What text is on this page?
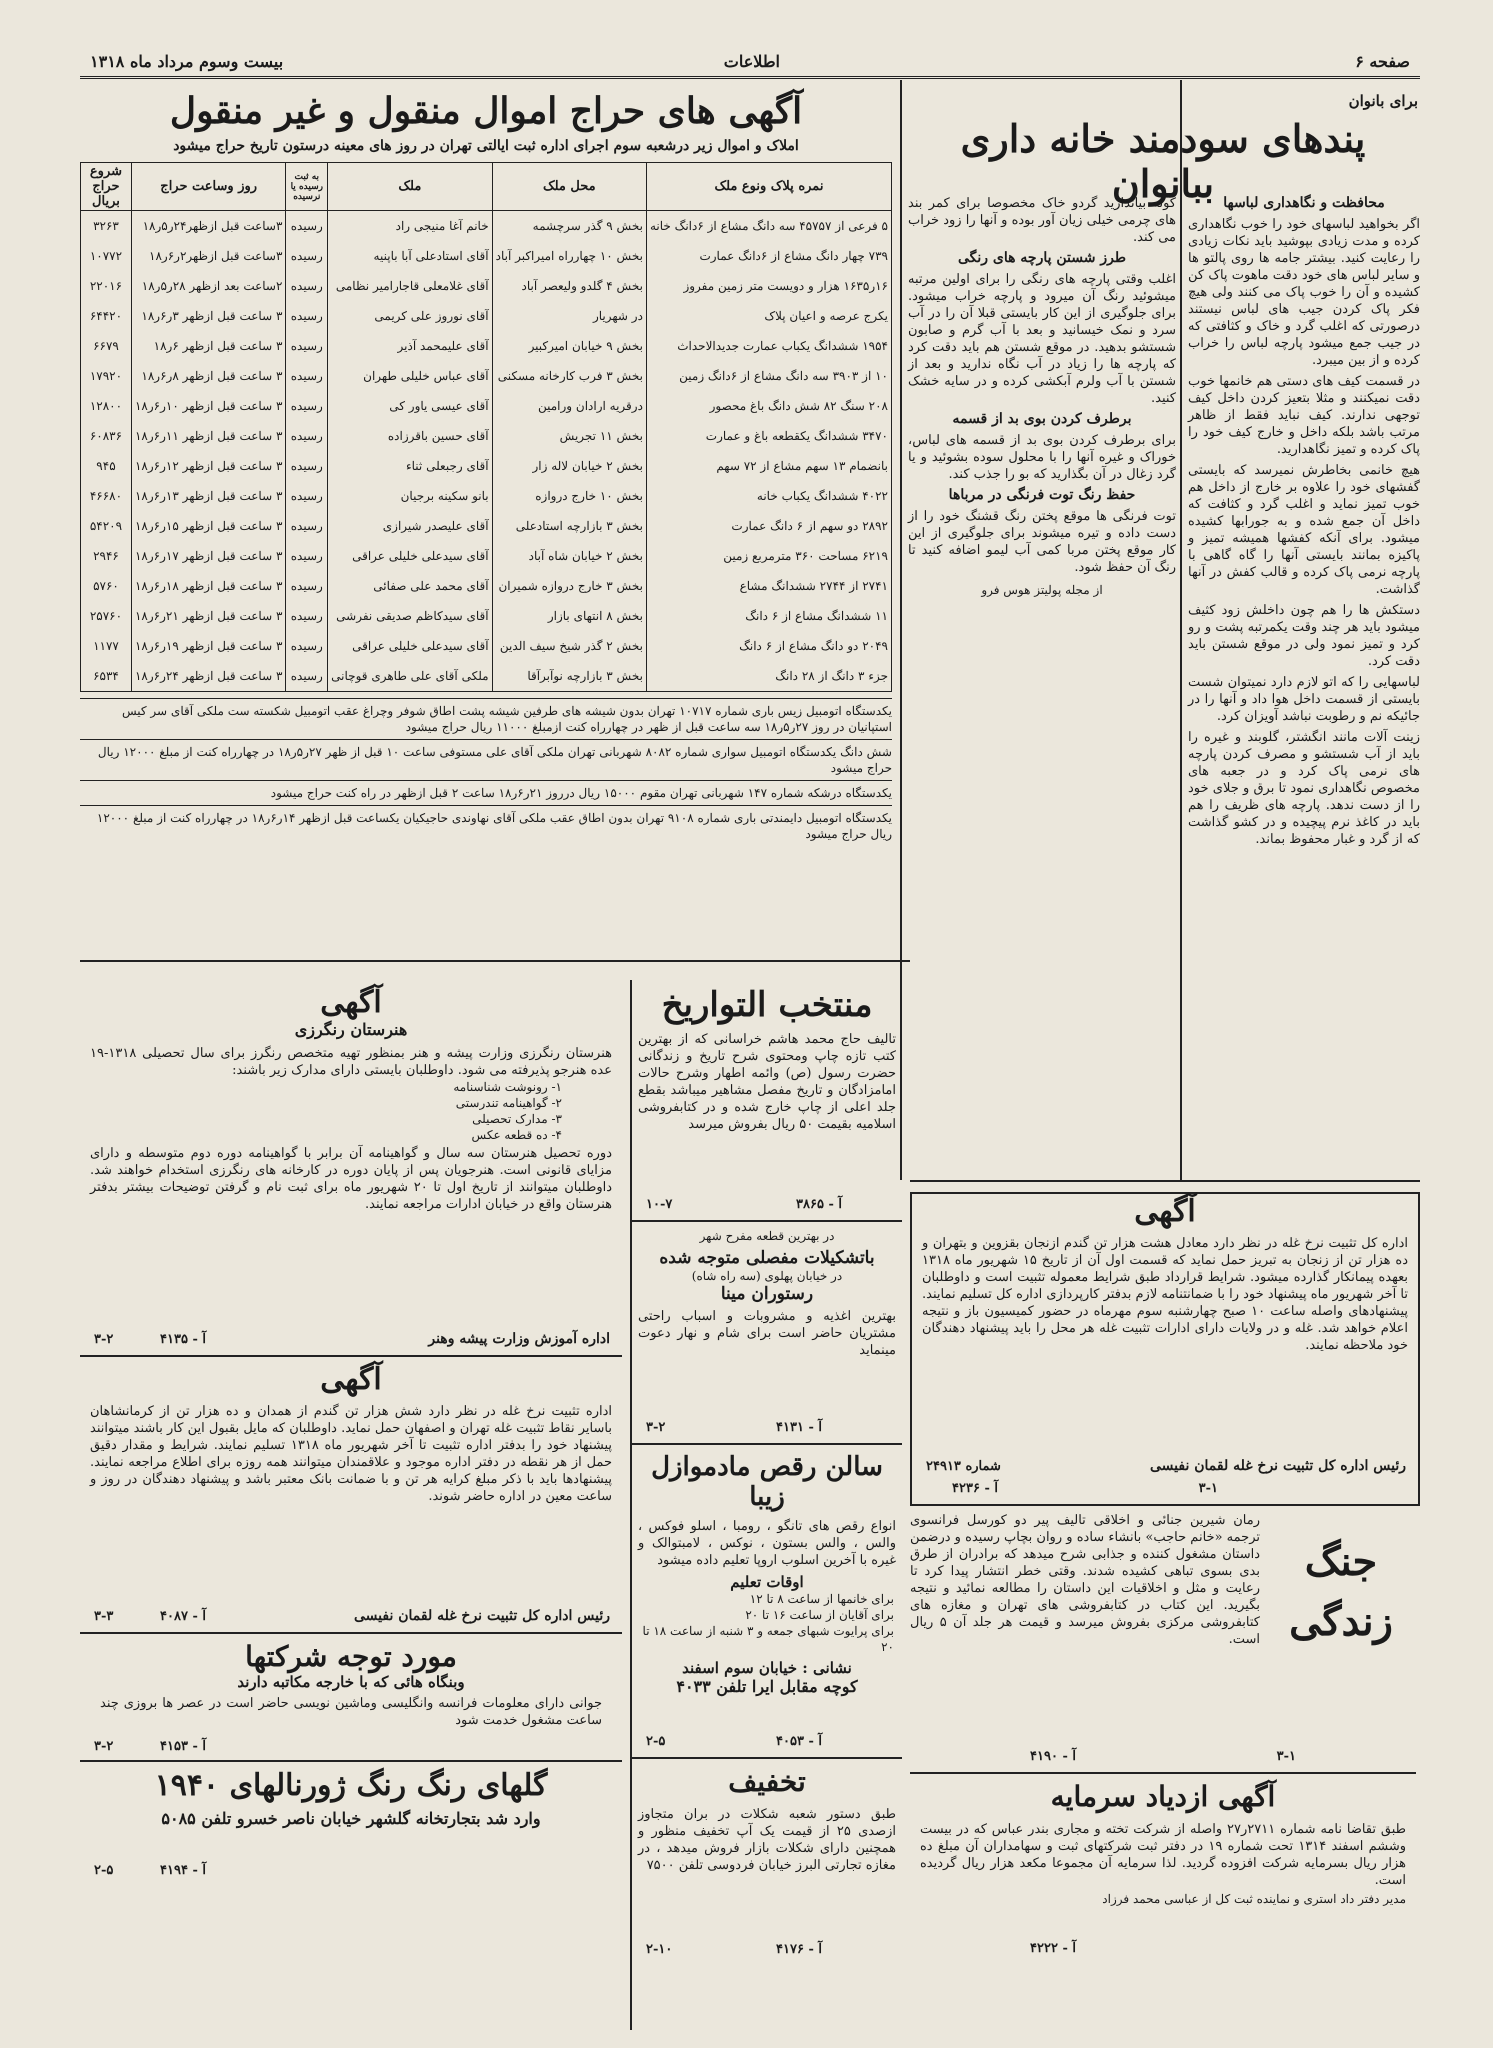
صفحه ۶
اطلاعات
بیست وسوم مرداد ماه ۱۳۱۸
برای بانوان
پندهای سودمند خانه داری ببانوان محافظت و نگاهداری لباسها

اگر بخواهید لباسهای خود را خوب نگاهداری کرده و مدت زیادی بپوشید باید نکات زیادی را رعایت کنید. بیشتر جامه ها روی پالتو ها و سایر لباس های خود دقت ماهوت پاک کن کشیده و آن را خوب پاک می کنند ولی هیچ فکر پاک کردن جیب های لباس نیستند درصورتی که اغلب گرد و خاک و کثافتی که در جیب جمع میشود پارچه لباس را خراب کرده و از بین میبرد.

در قسمت کیف های دستی هم خانمها خوب دقت نمیکنند و مثلا بتعیز کردن داخل کیف توجهی ندارند. کیف نباید فقط از ظاهر مرتب باشد بلکه داخل و خارج کیف خود را پاک کرده و تمیز نگاهدارید.

هیچ خانمی بخاطرش نمیرسد که بایستی گفشهای خود را علاوه بر خارج از داخل هم خوب تمیز نماید و اغلب گرد و کثافت که داخل آن جمع شده و به جورابها کشیده میشود. برای آنکه کفشها همیشه تمیز و پاکیزه بمانند بایستی آنها را گاه گاهی با پارچه نرمی پاک کرده و قالب کفش در آنها گذاشت.

دستکش ها را هم چون داخلش زود کثیف میشود باید هر چند وقت یکمرتبه پشت و رو کرد و تمیز نمود ولی در موقع شستن باید دقت کرد.

لباسهایی را که اتو لازم دارد نمیتوان شست بایستی از قسمت داخل هوا داد و آنها را در جائیکه نم و رطوبت نباشد آویزان کرد.

زینت آلات مانند انگشتر، گلوبند و غیره را باید از آب شستشو و مصرف کردن پارچه های نرمی پاک کرد و در جعبه های مخصوص نگاهداری نمود تا برق و جلای خود را از دست ندهد. پارچه های ظریف را هم باید در کاغذ نرم پیچیده و در کشو گذاشت که از گرد و غبار محفوظ بماند.

کونه بیاندازید گردو خاک مخصوصا برای کمر بند های چرمی خیلی زیان آور بوده و آنها را زود خراب می کند.

طرز شستن پارچه های رنگی

اغلب وقتی پارچه های رنگی را برای اولین مرتبه میشوئید رنگ آن میرود و پارچه خراب میشود. برای جلوگیری از این کار بایستی قبلا آن را در آب سرد و نمک خیسانید و بعد با آب گرم و صابون شستشو بدهید. در موقع شستن هم باید دقت کرد که پارچه ها را زیاد در آب نگاه ندارید و بعد از شستن با آب ولرم آبکشی کرده و در سایه خشک کنید.

برطرف کردن بوی بد از قسمه

برای برطرف کردن بوی بد از قسمه های لباس، خوراک و غیره آنها را با محلول سوده بشوئید و یا گرد زغال در آن بگذارید که بو را جذب کند.

حفظ رنگ توت فرنگی در مرباها

توت فرنگی ها موقع پختن رنگ قشنگ خود را از دست داده و تیره میشوند برای جلوگیری از این کار موقع پختن مربا کمی آب لیمو اضافه کنید تا رنگ آن حفظ شود.

از مجله پولیتز هوس فرو
آگهی های حراج اموال منقول و غیر منقول
املاک و اموال زیر درشعبه سوم اجرای اداره ثبت ایالتی تهران در روز های معینه درستون تاریخ حراج میشود
نمره پلاک ونوع ملک	محل ملک	ملک	به ثبت رسیده یا نرسیده	روز وساعت حراج	شروع حراج بریال
۵ فرعی از ۴۵۷۵۷ سه دانگ مشاع از ۶دانگ خانه	بخش ۹ گذر سرچشمه	خانم آغا منیجی راد	رسیده	۳ساعت قبل ازظهر۲۴ر۵ر۱۸	۳۲۶۳
۷۳۹ چهار دانگ مشاع از ۶دانگ عمارت	بخش ۱۰ چهارراه امیراکبر آباد	آقای استادعلی آبا باپنیه	رسیده	۳ساعت قبل ازظهر۲ر۶ر۱۸	۱۰۷۷۲
۱۶ر۱۶۳۵ هزار و دویست متر زمین مفروز	بخش ۴ گلدو ولیعصر آباد	آقای غلامعلی قاجارامیر نظامی	رسیده	۲ساعت بعد ازظهر ۲۸ر۵ر۱۸	۲۲۰۱۶
یکرج عرصه و اعیان پلاک	در شهریار	آقای نوروز علی کریمی	رسیده	۳ ساعت قبل ازظهر ۳ر۶ر۱۸	۶۴۴۲۰
۱۹۵۴ ششدانگ یکباب عمارت جدیدالاحداث	بخش ۹ خیابان امیرکبیر	آقای علیمحمد آذیر	رسیده	۳ ساعت قبل ازظهر ۶ر۱۸	۶۶۷۹
۱۰ از ۳۹۰۳ سه دانگ مشاع از ۶دانگ زمین	بخش ۳ فرب کارخانه مسکنی	آقای عباس خلیلی طهران	رسیده	۳ ساعت قبل ازظهر ۸ر۶ر۱۸	۱۷۹۲۰
۲۰۸ سنگ ۸۲ شش دانگ باغ محصور	درقریه ارادان ورامین	آقای عیسی یاور کی	رسیده	۳ ساعت قبل ازظهر ۱۰ر۶ر۱۸	۱۲۸۰۰
۳۴۷۰ ششدانگ یکقطعه باغ و عمارت	بخش ۱۱ تجریش	آقای حسین باقرزاده	رسیده	۳ ساعت قبل ازظهر ۱۱ر۶ر۱۸	۶۰۸۳۶
بانضمام ۱۳ سهم مشاع از ۷۲ سهم	بخش ۲ خیابان لاله زار	آقای رجبعلی ثناء	رسیده	۳ ساعت قبل ازظهر ۱۲ر۶ر۱۸	۹۴۵
۴۰۲۲ ششدانگ یکباب خانه	بخش ۱۰ خارج دروازه	بانو سکینه برجیان	رسیده	۳ ساعت قبل ازظهر ۱۳ر۶ر۱۸	۴۶۶۸۰
۲۸۹۲ دو سهم از ۶ دانگ عمارت	بخش ۳ بازارچه استادعلی	آقای علیصدر شیرازی	رسیده	۳ ساعت قبل ازظهر ۱۵ر۶ر۱۸	۵۴۲۰۹
۶۲۱۹ مساحت ۳۶۰ مترمربع زمین	بخش ۲ خیابان شاه آباد	آقای سیدعلی خلیلی عراقی	رسیده	۳ ساعت قبل ازظهر ۱۷ر۶ر۱۸	۲۹۴۶
۲۷۴۱ از ۲۷۴۴ ششدانگ مشاع	بخش ۳ خارج دروازه شمیران	آقای محمد علی صفائی	رسیده	۳ ساعت قبل ازظهر ۱۸ر۶ر۱۸	۵۷۶۰
۱۱ ششدانگ مشاع از ۶ دانگ	بخش ۸ انتهای بازار	آقای سیدکاظم صدیقی نفرشی	رسیده	۳ ساعت قبل ازظهر ۲۱ر۶ر۱۸	۲۵۷۶۰
۲۰۴۹ دو دانگ مشاع از ۶ دانگ	بخش ۲ گذر شیخ سیف الدین	آقای سیدعلی خلیلی عراقی	رسیده	۳ ساعت قبل ازظهر ۱۹ر۶ر۱۸	۱۱۷۷
جزء ۳ دانگ از ۲۸ دانگ	بخش ۳ بازارچه نوآبرآقا	ملکی آقای علی طاهری قوچانی	رسیده	۳ ساعت قبل ازظهر ۲۴ر۶ر۱۸	۶۵۳۴
یکدستگاه اتومبیل زیس باری شماره ۱۰۷۱۷ تهران بدون شیشه های طرفین شیشه پشت اطاق شوفر وچراغ عقب اتومبیل شکسته ست ملکی آقای سر کیس استپانیان در روز ۲۷ر۵ر۱۸ سه ساعت قبل از ظهر در چهارراه کنت ازمبلغ ۱۱۰۰۰ ریال حراج میشود
شش دانگ یکدستگاه اتومبیل سواری شماره ۸۰۸۲ شهربانی تهران ملکی آقای علی مستوفی ساعت ۱۰ قبل از ظهر ۲۷ر۵ر۱۸ در چهارراه کنت از مبلغ ۱۲۰۰۰ ریال حراج میشود
یکدستگاه درشکه شماره ۱۴۷ شهربانی تهران مقوم ۱۵۰۰۰ ریال درروز ۲۱ر۶ر۱۸ ساعت ۲ قبل ازظهر در راه کنت حراج میشود
یکدستگاه اتومبیل دایمندتی باری شماره ۹۱۰۸ تهران بدون اطاق عقب ملکی آقای نهاوندی حاجیکیان یکساعت قبل ازظهر ۱۴ر۶ر۱۸ در چهارراه کنت از مبلغ ۱۲۰۰۰ ریال حراج میشود
منتخب التواریخ
تالیف حاج محمد هاشم خراسانی که از بهترین کتب تازه چاپ ومحتوی شرح تاریخ و زندگانی حضرت رسول (ص) وائمه اطهار وشرح حالات امامزادگان و تاریخ مفصل مشاهیر میباشد بقطع جلد اعلی از چاپ خارج شده و در کتابفروشی اسلامیه بقیمت ۵۰ ریال بفروش میرسد
آ - ۳۸۶۵
۱۰-۷
در بهترین قطعه مفرح شهر
باتشکیلات مفصلی متوجه شده
در خیابان پهلوی (سه راه شاه)
رستوران مینا
بهترین اغذیه و مشروبات و اسباب راحتی مشتریان حاضر است برای شام و نهار دعوت مینماید
آ - ۴۱۳۱
۳-۲
سالن رقص مادموازل زیبا
انواع رقص های تانگو ، رومبا ، اسلو فوکس ، والس ، والس بستون ، نوکس ، لامبتوالک و غیره با آخرین اسلوب اروپا تعلیم داده میشود
اوقات تعلیم
برای خانمها از ساعت ۸ تا ۱۲
برای آقایان از ساعت ۱۶ تا ۲۰
برای پرایوت شبهای جمعه و ۳ شنبه از ساعت ۱۸ تا ۲۰
نشانی : خیابان سوم اسفند
کوچه مقابل ایرا تلفن ۴۰۳۳
آ - ۴۰۵۳
۲-۵
تخفیف
طبق دستور شعبه شکلات در بران متجاوز ازصدی ۲۵ از قیمت یک آپ تخفیف منظور و همچنین دارای شکلات بازار فروش میدهد ، در مغازه تجارتی البرز خیابان فردوسی تلفن ۷۵۰۰
آ - ۴۱۷۶
۲-۱۰
آگهی
هنرستان رنگرزی
هنرستان رنگرزی وزارت پیشه و هنر بمنظور تهیه متخصص رنگرز برای سال تحصیلی ۱۳۱۸-۱۹ عده هنرجو پذیرفته می شود. داوطلبان بایستی دارای مدارک زیر باشند:
۱- رونوشت شناسنامه
۲- گواهینامه تندرستی
۳- مدارک تحصیلی
۴- ده قطعه عکس
دوره تحصیل هنرستان سه سال و گواهینامه آن برابر با گواهینامه دوره دوم متوسطه و دارای مزایای قانونی است. هنرجویان پس از پایان دوره در کارخانه های رنگرزی استخدام خواهند شد. داوطلبان میتوانند از تاریخ اول تا ۲۰ شهریور ماه برای ثبت نام و گرفتن توضیحات بیشتر بدفتر هنرستان واقع در خیابان ادارات مراجعه نمایند.
اداره آموزش وزارت پیشه وهنر
آ - ۴۱۳۵
۳-۲
آگهی
اداره تثبیت نرخ غله در نظر دارد شش هزار تن گندم از همدان و ده هزار تن از کرمانشاهان باسایر نقاط تثبیت غله تهران و اصفهان حمل نماید. داوطلبان که مایل بقبول این کار باشند میتوانند پیشنهاد خود را بدفتر اداره تثبیت تا آخر شهریور ماه ۱۳۱۸ تسلیم نمایند. شرایط و مقدار دقیق حمل از هر نقطه در دفتر اداره موجود و علاقمندان میتوانند همه روزه برای اطلاع مراجعه نمایند. پیشنهادها باید با ذکر مبلغ کرایه هر تن و با ضمانت بانک معتبر باشد و پیشنهاد دهندگان در روز و ساعت معین در اداره حاضر شوند.
رئیس اداره کل تثبیت نرخ غله لقمان نفیسی
آ - ۴۰۸۷
۳-۳
مورد توجه شرکتها
وبنگاه هائی که با خارجه مکاتبه دارند
جوانی دارای معلومات فرانسه وانگلیسی وماشین نویسی حاضر است در عصر ها بروزی چند ساعت مشغول خدمت شود
آ - ۴۱۵۳
۳-۲
گلهای رنگ رنگ ژورنالهای ۱۹۴۰
وارد شد بتجارتخانه گلشهر خیابان ناصر خسرو تلفن ۵۰۸۵
آ - ۴۱۹۴
۲-۵
آگهی
اداره کل تثبیت نرخ غله در نظر دارد معادل هشت هزار تن گندم ازنجان بقزوین و بتهران و ده هزار تن از زنجان به تبریز حمل نماید که قسمت اول آن از تاریخ ۱۵ شهریور ماه ۱۳۱۸ بعهده پیمانکار گذارده میشود. شرایط قرارداد طبق شرایط معموله تثبیت است و داوطلبان تا آخر شهریور ماه پیشنهاد خود را با ضمانتنامه لازم بدفتر کارپردازی اداره کل تسلیم نمایند. پیشنهادهای واصله ساعت ۱۰ صبح چهارشنبه سوم مهرماه در حضور کمیسیون باز و نتیجه اعلام خواهد شد. غله و در ولایات دارای ادارات تثبیت غله هر محل را باید پیشنهاد دهندگان خود ملاحظه نمایند.
رئیس اداره کل تثبیت نرخ غله لقمان نفیسی
شماره ۲۴۹۱۳
آ - ۴۲۳۶	۳-۱
جنگ زندگی
رمان شیرین جنائی و اخلاقی تالیف پیر دو کورسل فرانسوی ترجمه «خانم حاجب» بانشاء ساده و روان بچاپ رسیده و درضمن داستان مشغول کننده و جذابی شرح میدهد که برادران از طرق بدی بسوی تباهی کشیده شدند. وقتی خطر انتشار پیدا کرد تا رعایت و مثل و اخلاقیات این داستان را مطالعه نمائید و نتیجه بگیرید. این کتاب در کتابفروشی های تهران و مغازه های کتابفروشی مرکزی بفروش میرسد و قیمت هر جلد آن ۵ ریال است.
آ - ۴۱۹۰	۳-۱
آگهی ازدیاد سرمایه
طبق تقاضا نامه شماره ۲۷۱۱ر۲۷ واصله از شرکت تخته و مجاری بندر عباس که در بیست وششم اسفند ۱۳۱۴ تحت شماره ۱۹ در دفتر ثبت شرکتهای ثبت و سهامداران آن مبلغ ده هزار ریال بسرمایه شرکت افزوده گردید. لذا سرمایه آن مجموعا مکعد هزار ریال گردیده است.
مدیر دفتر داد استری و نماینده ثبت کل از عباسی محمد فرزاد
آ - ۴۲۲۲
